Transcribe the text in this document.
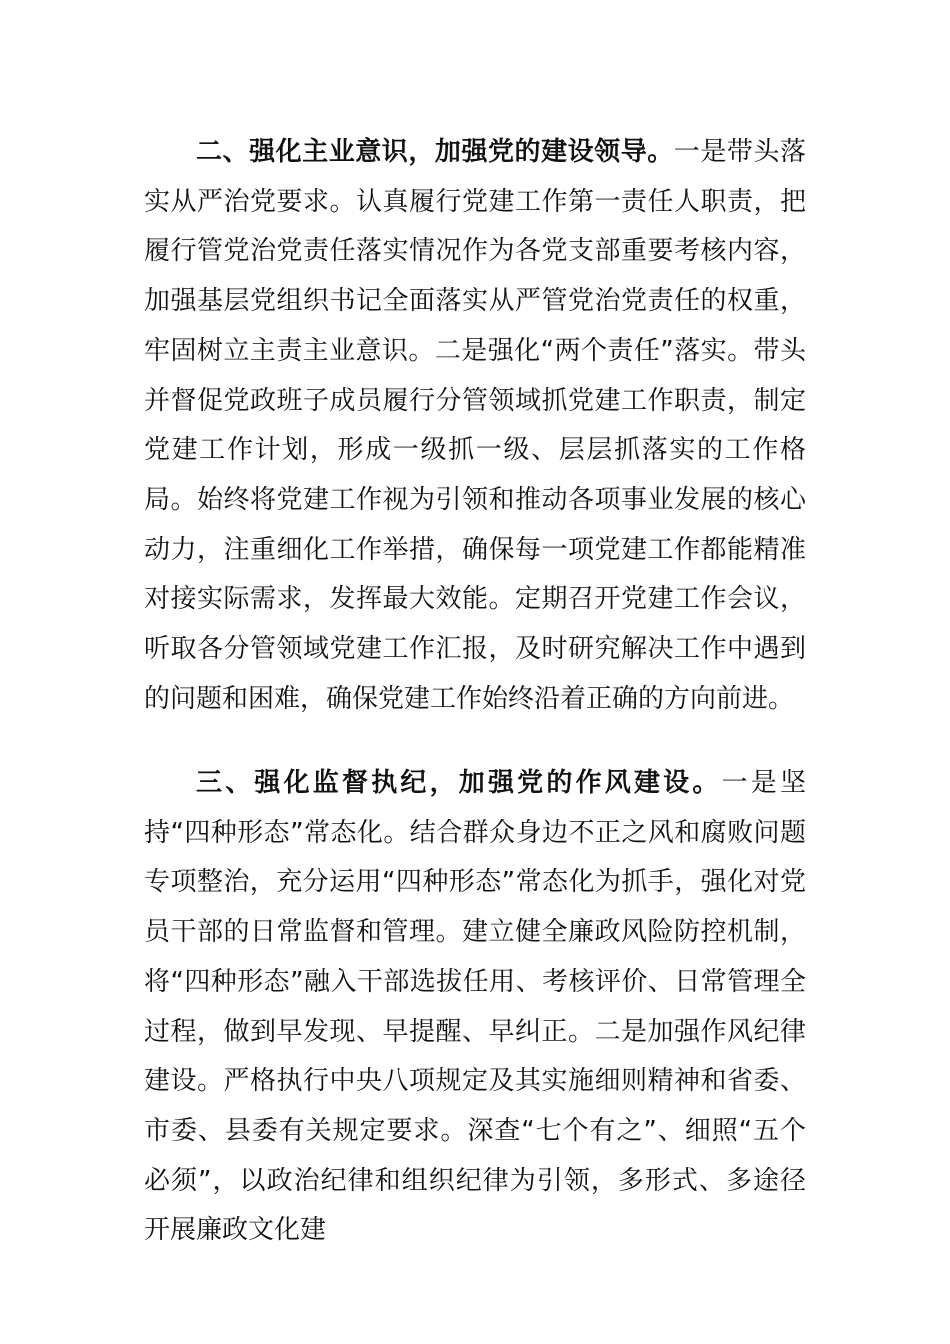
二、强化主业意识，加强党的建设领导。一是带头落实从严治党要求。认真履行党建工作第一责任人职责，把履行管党治党责任落实情况作为各党支部重要考核内容，加强基层党组织书记全面落实从严管党治党责任的权重，牢固树立主责主业意识。二是强化“两个责任”落实。带头并督促党政班子成员履行分管领域抓党建工作职责，制定党建工作计划，形成一级抓一级、层层抓落实的工作格局。始终将党建工作视为引领和推动各项事业发展的核心动力，注重细化工作举措，确保每一项党建工作都能精准对接实际需求，发挥最大效能。定期召开党建工作会议，听取各分管领域党建工作汇报，及时研究解决工作中遇到的问题和困难，确保党建工作始终沿着正确的方向前进。

三、强化监督执纪，加强党的作风建设。一是坚持“四种形态”常态化。结合群众身边不正之风和腐败问题专项整治，充分运用“四种形态”常态化为抓手，强化对党员干部的日常监督和管理。建立健全廉政风险防控机制，将“四种形态”融入干部选拔任用、考核评价、日常管理全过程，做到早发现、早提醒、早纠正。二是加强作风纪律建设。严格执行中央八项规定及其实施细则精神和省委、市委、县委有关规定要求。深查“七个有之”、细照“五个必须”，以政治纪律和组织纪律为引领，多形式、多途径开展廉政文化建
